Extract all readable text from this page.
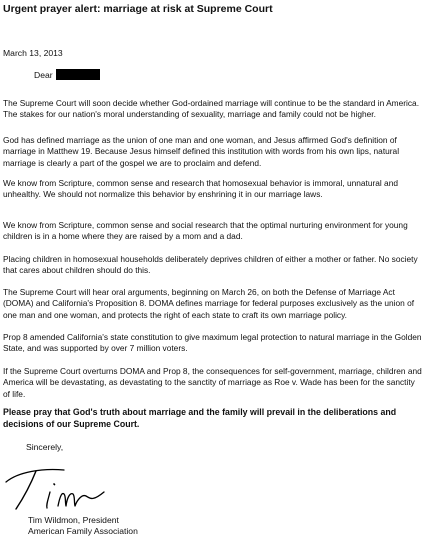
Urgent prayer alert: marriage at risk at Supreme Court
March 13, 2013
Dear

The Supreme Court will soon decide whether God-ordained marriage will continue to be the standard in America. The stakes for our nation's moral understanding of sexuality, marriage and family could not be higher.

God has defined marriage as the union of one man and one woman, and Jesus affirmed God's definition of marriage in Matthew 19. Because Jesus himself defined this institution with words from his own lips, natural marriage is clearly a part of the gospel we are to proclaim and defend.

We know from Scripture, common sense and research that homosexual behavior is immoral, unnatural and unhealthy. We should not normalize this behavior by enshrining it in our marriage laws.

We know from Scripture, common sense and social research that the optimal nurturing environment for young children is in a home where they are raised by a mom and a dad.

Placing children in homosexual households deliberately deprives children of either a mother or father. No society that cares about children should do this.

The Supreme Court will hear oral arguments, beginning on March 26, on both the Defense of Marriage Act (DOMA) and California's Proposition 8. DOMA defines marriage for federal purposes exclusively as the union of one man and one woman, and protects the right of each state to craft its own marriage policy.

Prop 8 amended California's state constitution to give maximum legal protection to natural marriage in the Golden State, and was supported by over 7 million voters.

If the Supreme Court overturns DOMA and Prop 8, the consequences for self-government, marriage, children and America will be devastating, as devastating to the sanctity of marriage as Roe v. Wade has been for the sanctity of life.

Please pray that God's truth about marriage and the family will prevail in the deliberations and decisions of our Supreme Court.

Sincerely,
Tim Wildmon, President
American Family Association
